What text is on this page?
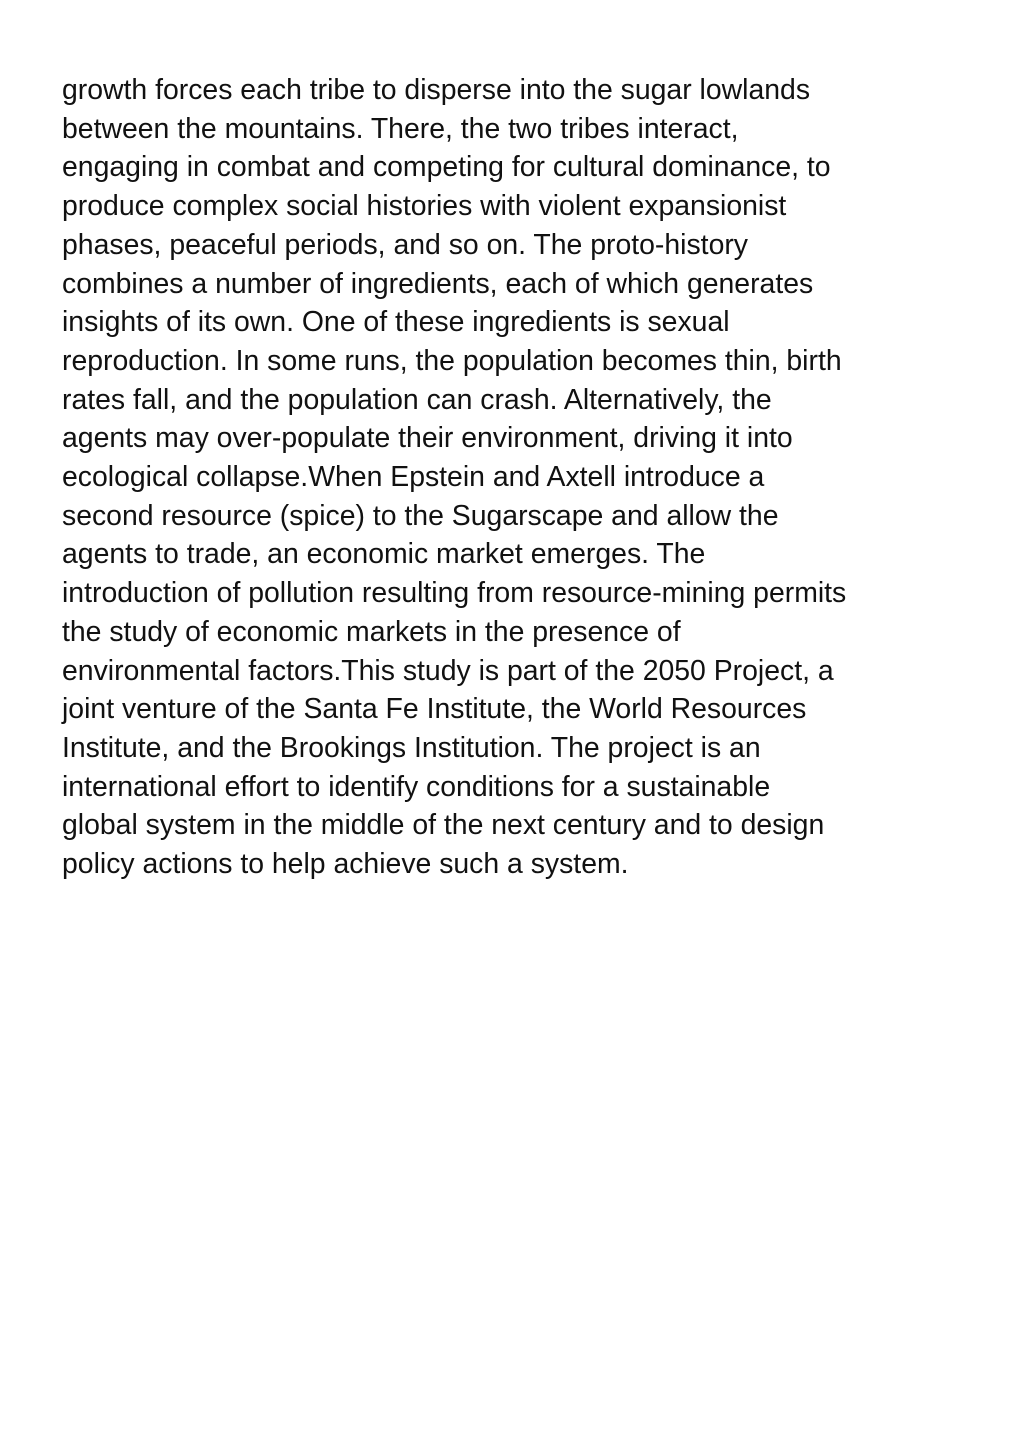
growth forces each tribe to disperse into the sugar lowlands
between the mountains. There, the two tribes interact,
engaging in combat and competing for cultural dominance, to
produce complex social histories with violent expansionist
phases, peaceful periods, and so on. The proto-history
combines a number of ingredients, each of which generates
insights of its own. One of these ingredients is sexual
reproduction. In some runs, the population becomes thin, birth
rates fall, and the population can crash. Alternatively, the
agents may over-populate their environment, driving it into
ecological collapse.When Epstein and Axtell introduce a
second resource (spice) to the Sugarscape and allow the
agents to trade, an economic market emerges. The
introduction of pollution resulting from resource-mining permits
the study of economic markets in the presence of
environmental factors.This study is part of the 2050 Project, a
joint venture of the Santa Fe Institute, the World Resources
Institute, and the Brookings Institution. The project is an
international effort to identify conditions for a sustainable
global system in the middle of the next century and to design
policy actions to help achieve such a system.
